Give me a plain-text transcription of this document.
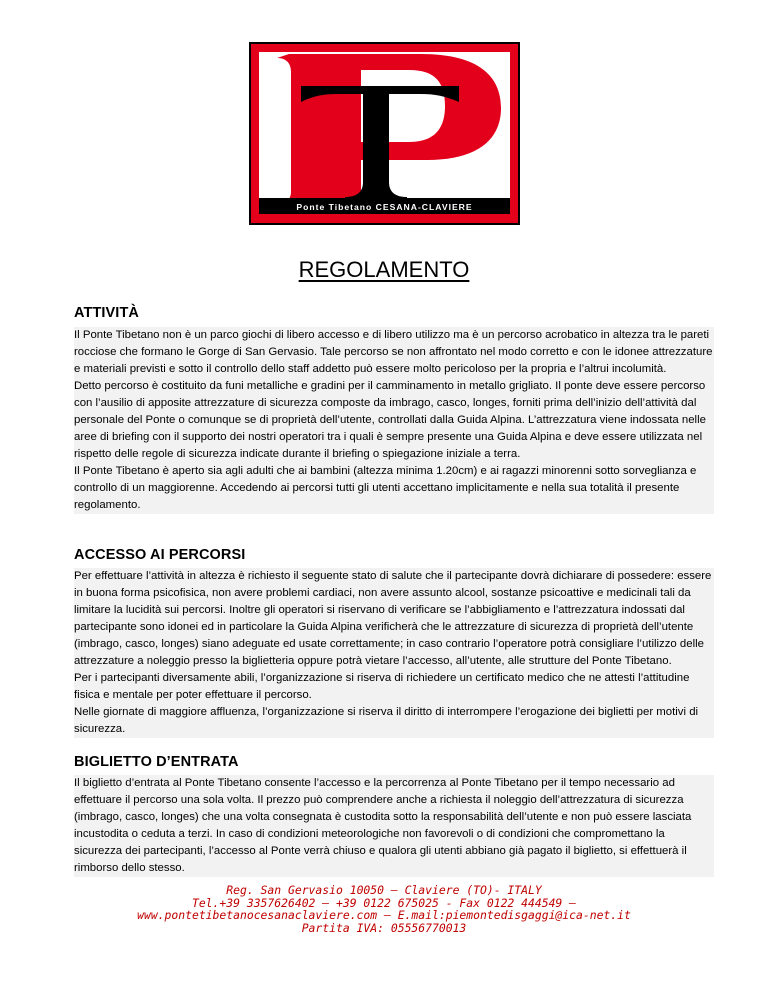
Ponte Tibetano CESANA-CLAVIERE
REGOLAMENTO
ATTIVITÀ

Il Ponte Tibetano non è un parco giochi di libero accesso e di libero utilizzo ma è un percorso acrobatico in altezza tra le pareti rocciose che formano le Gorge di San Gervasio. Tale percorso se non affrontato nel modo corretto e con le idonee attrezzature e materiali previsti e sotto il controllo dello staff addetto può essere molto pericoloso per la propria e l’altrui incolumità.

Detto percorso è costituito da funi metalliche e gradini per il camminamento in metallo grigliato. Il ponte deve essere percorso con l’ausilio di apposite attrezzature di sicurezza composte da imbrago, casco, longes, forniti prima dell’inizio dell’attività dal personale del Ponte o comunque se di proprietà dell’utente, controllati dalla Guida Alpina. L’attrezzatura viene indossata nelle aree di briefing con il supporto dei nostri operatori tra i quali è sempre presente una Guida Alpina e deve essere utilizzata nel rispetto delle regole di sicurezza indicate durante il briefing o spiegazione iniziale a terra.

Il Ponte Tibetano è aperto sia agli adulti che ai bambini (altezza minima 1.20cm) e ai ragazzi minorenni sotto sorveglianza e controllo di un maggiorenne. Accedendo ai percorsi tutti gli utenti accettano implicitamente e nella sua totalità il presente regolamento.

ACCESSO AI PERCORSI

Per effettuare l’attività in altezza è richiesto il seguente stato di salute che il partecipante dovrà dichiarare di possedere: essere in buona forma psicofisica, non avere problemi cardiaci, non avere assunto alcool, sostanze psicoattive e medicinali tali da limitare la lucidità sui percorsi. Inoltre gli operatori si riservano di verificare se l’abbigliamento e l’attrezzatura indossati dal partecipante sono idonei ed in particolare la Guida Alpina verificherà che le attrezzature di sicurezza di proprietà dell’utente (imbrago, casco, longes) siano adeguate ed usate correttamente; in caso contrario l’operatore potrà consigliare l’utilizzo delle attrezzature a noleggio presso la biglietteria oppure potrà vietare l’accesso, all’utente, alle strutture del Ponte Tibetano.

Per i partecipanti diversamente abili, l’organizzazione si riserva di richiedere un certificato medico che ne attesti l’attitudine fisica e mentale per poter effettuare il percorso.

Nelle giornate di maggiore affluenza, l’organizzazione si riserva il diritto di interrompere l’erogazione dei biglietti per motivi di sicurezza.

BIGLIETTO D’ENTRATA

Il biglietto d’entrata al Ponte Tibetano consente l’accesso e la percorrenza al Ponte Tibetano per il tempo necessario ad effettuare il percorso una sola volta. Il prezzo può comprendere anche a richiesta il noleggio dell’attrezzatura di sicurezza (imbrago, casco, longes) che una volta consegnata è custodita sotto la responsabilità dell’utente e non può essere lasciata incustodita o ceduta a terzi. In caso di condizioni meteorologiche non favorevoli o di condizioni che compromettano la sicurezza dei partecipanti, l’accesso al Ponte verrà chiuso e qualora gli utenti abbiano già pagato il biglietto, si effettuerà il rimborso dello stesso.

Reg. San Gervasio 10050 – Claviere (TO)- ITALY
Tel.+39 3357626402 – +39 0122 675025 - Fax 0122 444549 –
www.pontetibetanocesanaclaviere.com – E.mail:piemontedisgaggi@ica-net.it
Partita IVA: 05556770013
